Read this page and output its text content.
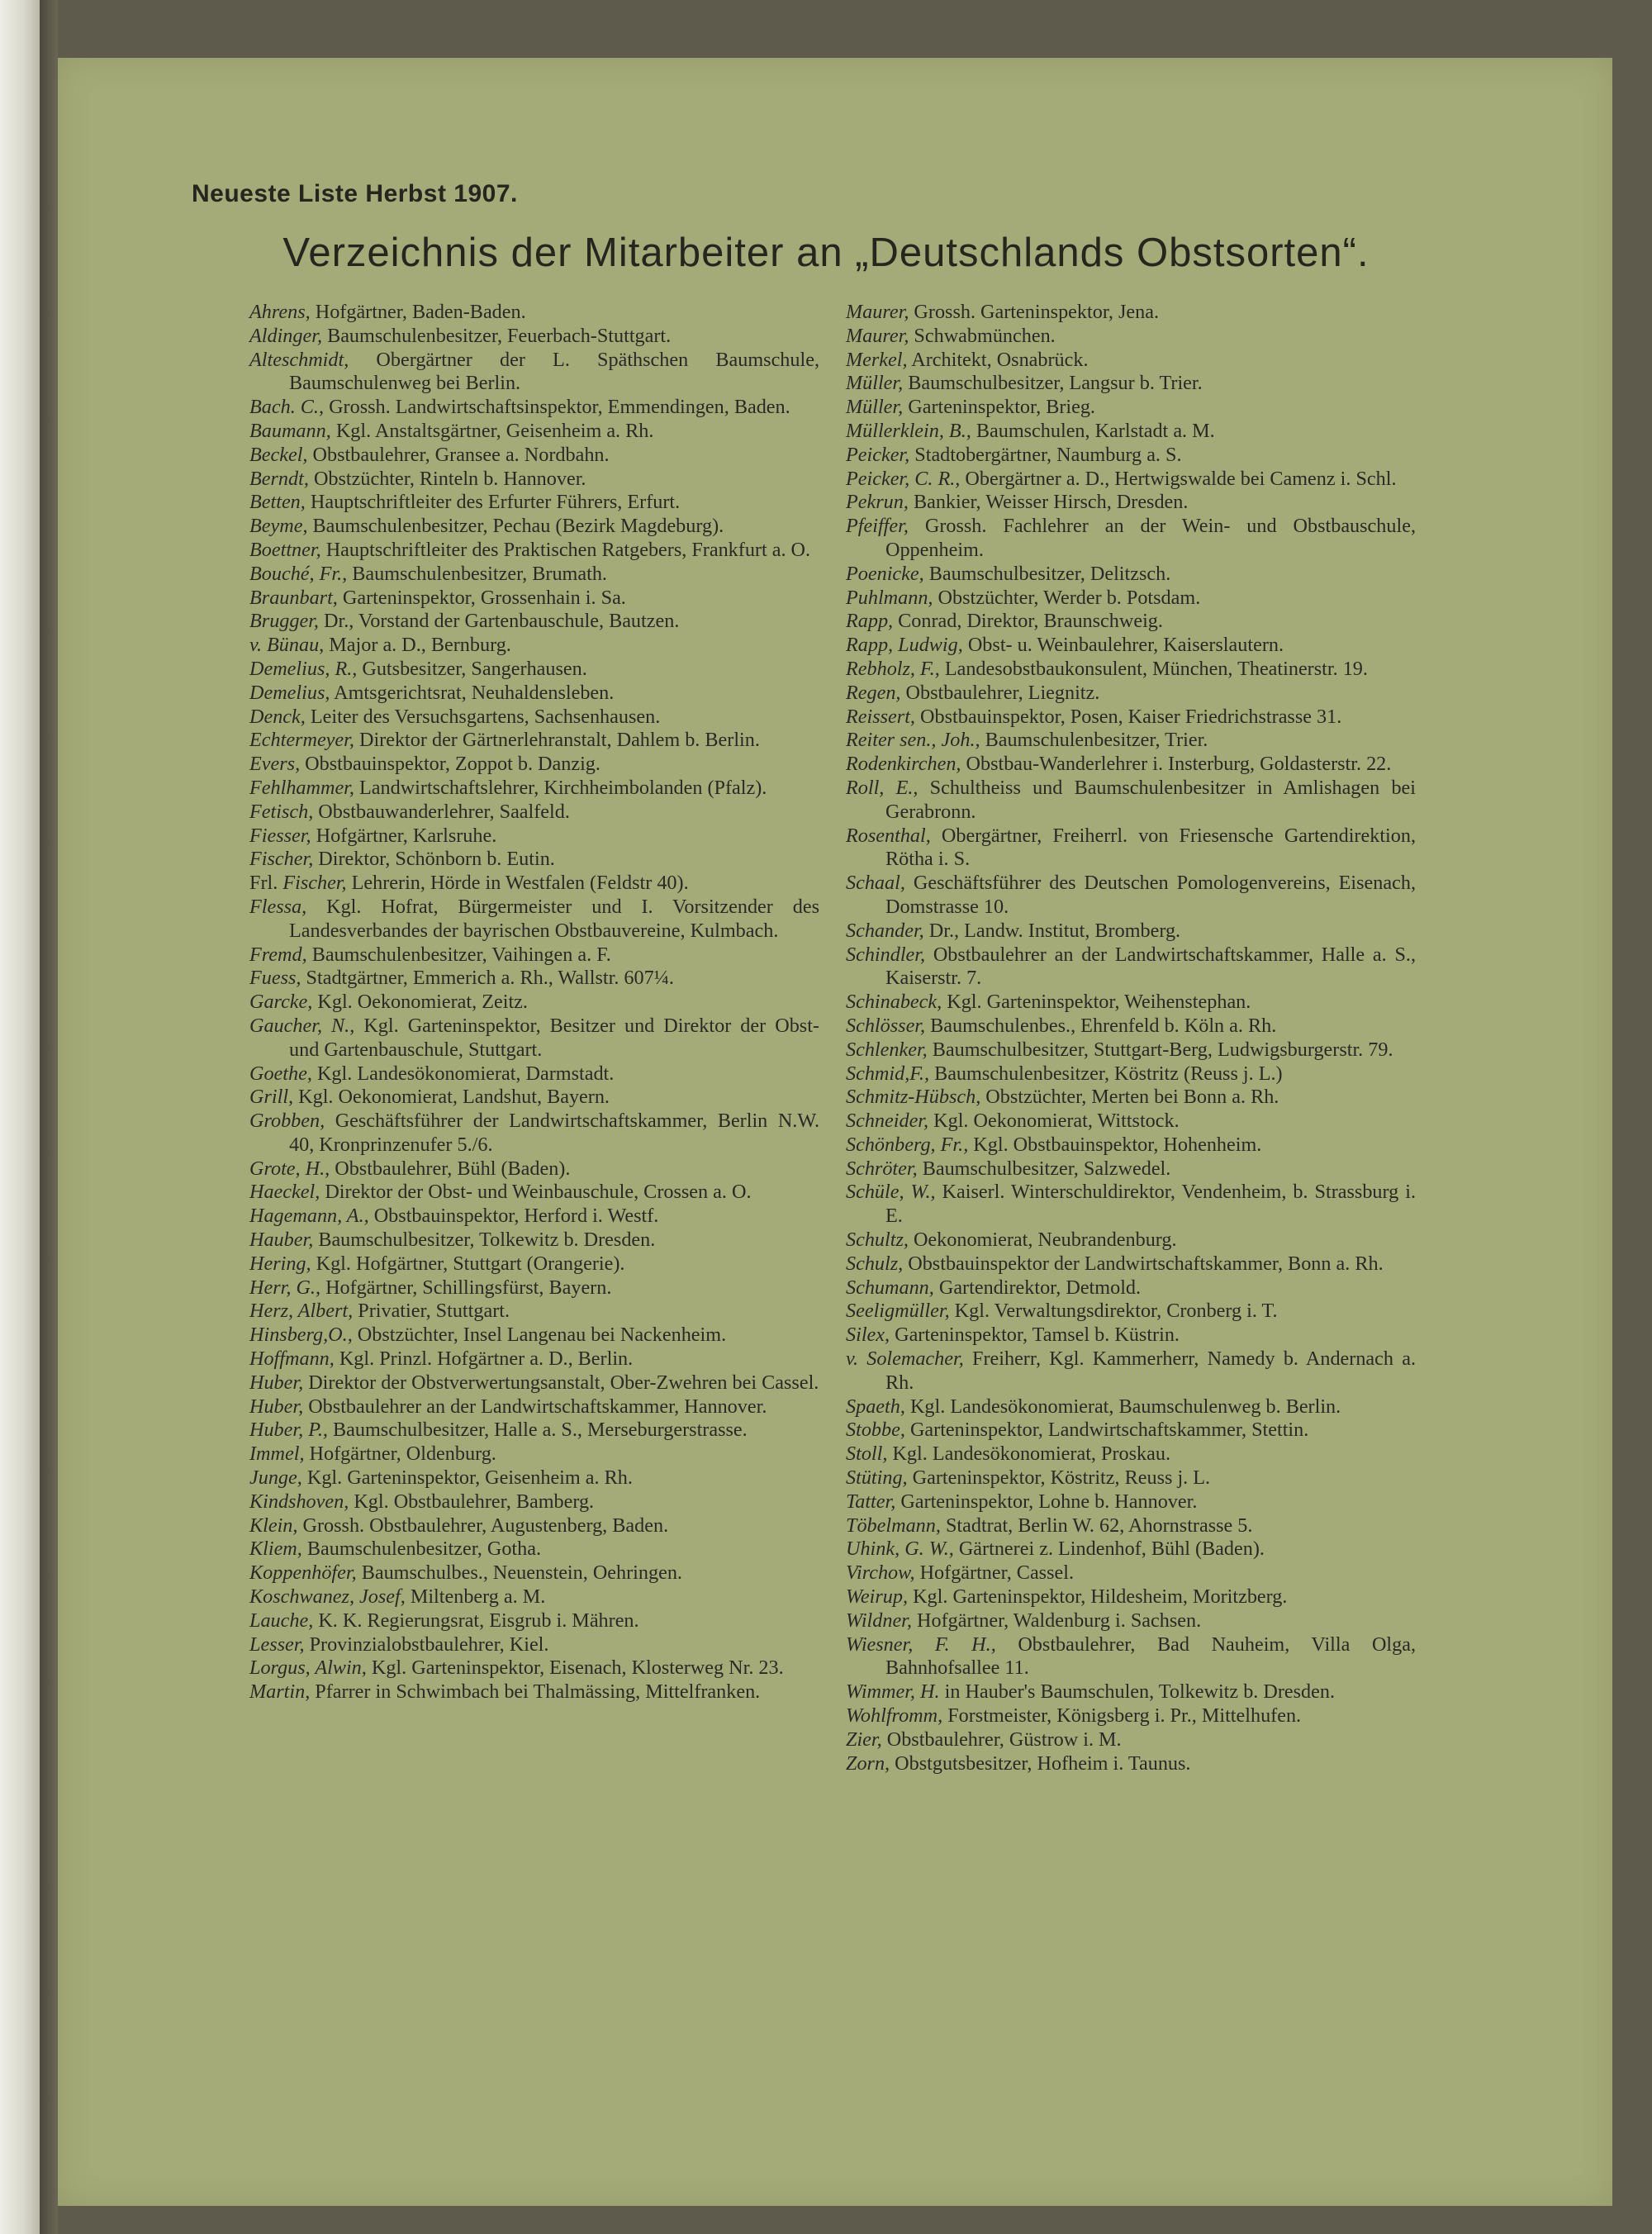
Neueste Liste Herbst 1907.
Verzeichnis der Mitarbeiter an „Deutschlands Obstsorten“.
Ahrens, Hofgärtner, Baden-Baden.
Aldinger, Baumschulenbesitzer, Feuerbach-Stuttgart.
Alteschmidt, Obergärtner der L. Späthschen Baumschule, Baumschulenweg bei Berlin.
Bach. C., Grossh. Landwirtschaftsinspektor, Emmendingen, Baden.
Baumann, Kgl. Anstaltsgärtner, Geisenheim a. Rh.
Beckel, Obstbaulehrer, Gransee a. Nordbahn.
Berndt, Obstzüchter, Rinteln b. Hannover.
Betten, Hauptschriftleiter des Erfurter Führers, Erfurt.
Beyme, Baumschulenbesitzer, Pechau (Bezirk Magdeburg).
Boettner, Hauptschriftleiter des Praktischen Ratgebers, Frankfurt a. O.
Bouché, Fr., Baumschulenbesitzer, Brumath.
Braunbart, Garteninspektor, Grossenhain i. Sa.
Brugger, Dr., Vorstand der Gartenbauschule, Bautzen.
v. Bünau, Major a. D., Bernburg.
Demelius, R., Gutsbesitzer, Sangerhausen.
Demelius, Amtsgerichtsrat, Neuhaldensleben.
Denck, Leiter des Versuchsgartens, Sachsenhausen.
Echtermeyer, Direktor der Gärtnerlehranstalt, Dahlem b. Berlin.
Evers, Obstbauinspektor, Zoppot b. Danzig.
Fehlhammer, Landwirtschaftslehrer, Kirchheimbolanden (Pfalz).
Fetisch, Obstbauwanderlehrer, Saalfeld.
Fiesser, Hofgärtner, Karlsruhe.
Fischer, Direktor, Schönborn b. Eutin.
Frl. Fischer, Lehrerin, Hörde in Westfalen (Feldstr 40).
Flessa, Kgl. Hofrat, Bürgermeister und I. Vorsitzender des Landesverbandes der bayrischen Obstbauvereine, Kulmbach.
Fremd, Baumschulenbesitzer, Vaihingen a. F.
Fuess, Stadtgärtner, Emmerich a. Rh., Wallstr. 607¼.
Garcke, Kgl. Oekonomierat, Zeitz.
Gaucher, N., Kgl. Garteninspektor, Besitzer und Direktor der Obst- und Gartenbauschule, Stuttgart.
Goethe, Kgl. Landesökonomierat, Darmstadt.
Grill, Kgl. Oekonomierat, Landshut, Bayern.
Grobben, Geschäftsführer der Landwirtschaftskammer, Berlin N.W. 40, Kronprinzenufer 5./6.
Grote, H., Obstbaulehrer, Bühl (Baden).
Haeckel, Direktor der Obst- und Weinbauschule, Crossen a. O.
Hagemann, A., Obstbauinspektor, Herford i. Westf.
Hauber, Baumschulbesitzer, Tolkewitz b. Dresden.
Hering, Kgl. Hofgärtner, Stuttgart (Orangerie).
Herr, G., Hofgärtner, Schillingsfürst, Bayern.
Herz, Albert, Privatier, Stuttgart.
Hinsberg,O., Obstzüchter, Insel Langenau bei Nackenheim.
Hoffmann, Kgl. Prinzl. Hofgärtner a. D., Berlin.
Huber, Direktor der Obstverwertungsanstalt, Ober-Zwehren bei Cassel.
Huber, Obstbaulehrer an der Landwirtschaftskammer, Hannover.
Huber, P., Baumschulbesitzer, Halle a. S., Merseburgerstrasse.
Immel, Hofgärtner, Oldenburg.
Junge, Kgl. Garteninspektor, Geisenheim a. Rh.
Kindshoven, Kgl. Obstbaulehrer, Bamberg.
Klein, Grossh. Obstbaulehrer, Augustenberg, Baden.
Kliem, Baumschulenbesitzer, Gotha.
Koppenhöfer, Baumschulbes., Neuenstein, Oehringen.
Koschwanez, Josef, Miltenberg a. M.
Lauche, K. K. Regierungsrat, Eisgrub i. Mähren.
Lesser, Provinzialobstbaulehrer, Kiel.
Lorgus, Alwin, Kgl. Garteninspektor, Eisenach, Klosterweg Nr. 23.
Martin, Pfarrer in Schwimbach bei Thalmässing, Mittelfranken.
Maurer, Grossh. Garteninspektor, Jena.
Maurer, Schwabmünchen.
Merkel, Architekt, Osnabrück.
Müller, Baumschulbesitzer, Langsur b. Trier.
Müller, Garteninspektor, Brieg.
Müllerklein, B., Baumschulen, Karlstadt a. M.
Peicker, Stadtobergärtner, Naumburg a. S.
Peicker, C. R., Obergärtner a. D., Hertwigswalde bei Camenz i. Schl.
Pekrun, Bankier, Weisser Hirsch, Dresden.
Pfeiffer, Grossh. Fachlehrer an der Wein- und Obstbauschule, Oppenheim.
Poenicke, Baumschulbesitzer, Delitzsch.
Puhlmann, Obstzüchter, Werder b. Potsdam.
Rapp, Conrad, Direktor, Braunschweig.
Rapp, Ludwig, Obst- u. Weinbaulehrer, Kaiserslautern.
Rebholz, F., Landesobstbaukonsulent, München, Theatinerstr. 19.
Regen, Obstbaulehrer, Liegnitz.
Reissert, Obstbauinspektor, Posen, Kaiser Friedrichstrasse 31.
Reiter sen., Joh., Baumschulenbesitzer, Trier.
Rodenkirchen, Obstbau-Wanderlehrer i. Insterburg, Goldasterstr. 22.
Roll, E., Schultheiss und Baumschulenbesitzer in Amlishagen bei Gerabronn.
Rosenthal, Obergärtner, Freiherrl. von Friesensche Gartendirektion, Rötha i. S.
Schaal, Geschäftsführer des Deutschen Pomologenvereins, Eisenach, Domstrasse 10.
Schander, Dr., Landw. Institut, Bromberg.
Schindler, Obstbaulehrer an der Landwirtschaftskammer, Halle a. S., Kaiserstr. 7.
Schinabeck, Kgl. Garteninspektor, Weihenstephan.
Schlösser, Baumschulenbes., Ehrenfeld b. Köln a. Rh.
Schlenker, Baumschulbesitzer, Stuttgart-Berg, Ludwigsburgerstr. 79.
Schmid,F., Baumschulenbesitzer, Köstritz (Reuss j. L.)
Schmitz-Hübsch, Obstzüchter, Merten bei Bonn a. Rh.
Schneider, Kgl. Oekonomierat, Wittstock.
Schönberg, Fr., Kgl. Obstbauinspektor, Hohenheim.
Schröter, Baumschulbesitzer, Salzwedel.
Schüle, W., Kaiserl. Winterschuldirektor, Vendenheim, b. Strassburg i. E.
Schultz, Oekonomierat, Neubrandenburg.
Schulz, Obstbauinspektor der Landwirtschaftskammer, Bonn a. Rh.
Schumann, Gartendirektor, Detmold.
Seeligmüller, Kgl. Verwaltungsdirektor, Cronberg i. T.
Silex, Garteninspektor, Tamsel b. Küstrin.
v. Solemacher, Freiherr, Kgl. Kammerherr, Namedy b. Andernach a. Rh.
Spaeth, Kgl. Landesökonomierat, Baumschulenweg b. Berlin.
Stobbe, Garteninspektor, Landwirtschaftskammer, Stettin.
Stoll, Kgl. Landesökonomierat, Proskau.
Stüting, Garteninspektor, Köstritz, Reuss j. L.
Tatter, Garteninspektor, Lohne b. Hannover.
Töbelmann, Stadtrat, Berlin W. 62, Ahornstrasse 5.
Uhink, G. W., Gärtnerei z. Lindenhof, Bühl (Baden).
Virchow, Hofgärtner, Cassel.
Weirup, Kgl. Garteninspektor, Hildesheim, Moritzberg.
Wildner, Hofgärtner, Waldenburg i. Sachsen.
Wiesner, F. H., Obstbaulehrer, Bad Nauheim, Villa Olga, Bahnhofsallee 11.
Wimmer, H. in Hauber's Baumschulen, Tolkewitz b. Dresden.
Wohlfromm, Forstmeister, Königsberg i. Pr., Mittelhufen.
Zier, Obstbaulehrer, Güstrow i. M.
Zorn, Obstgutsbesitzer, Hofheim i. Taunus.
